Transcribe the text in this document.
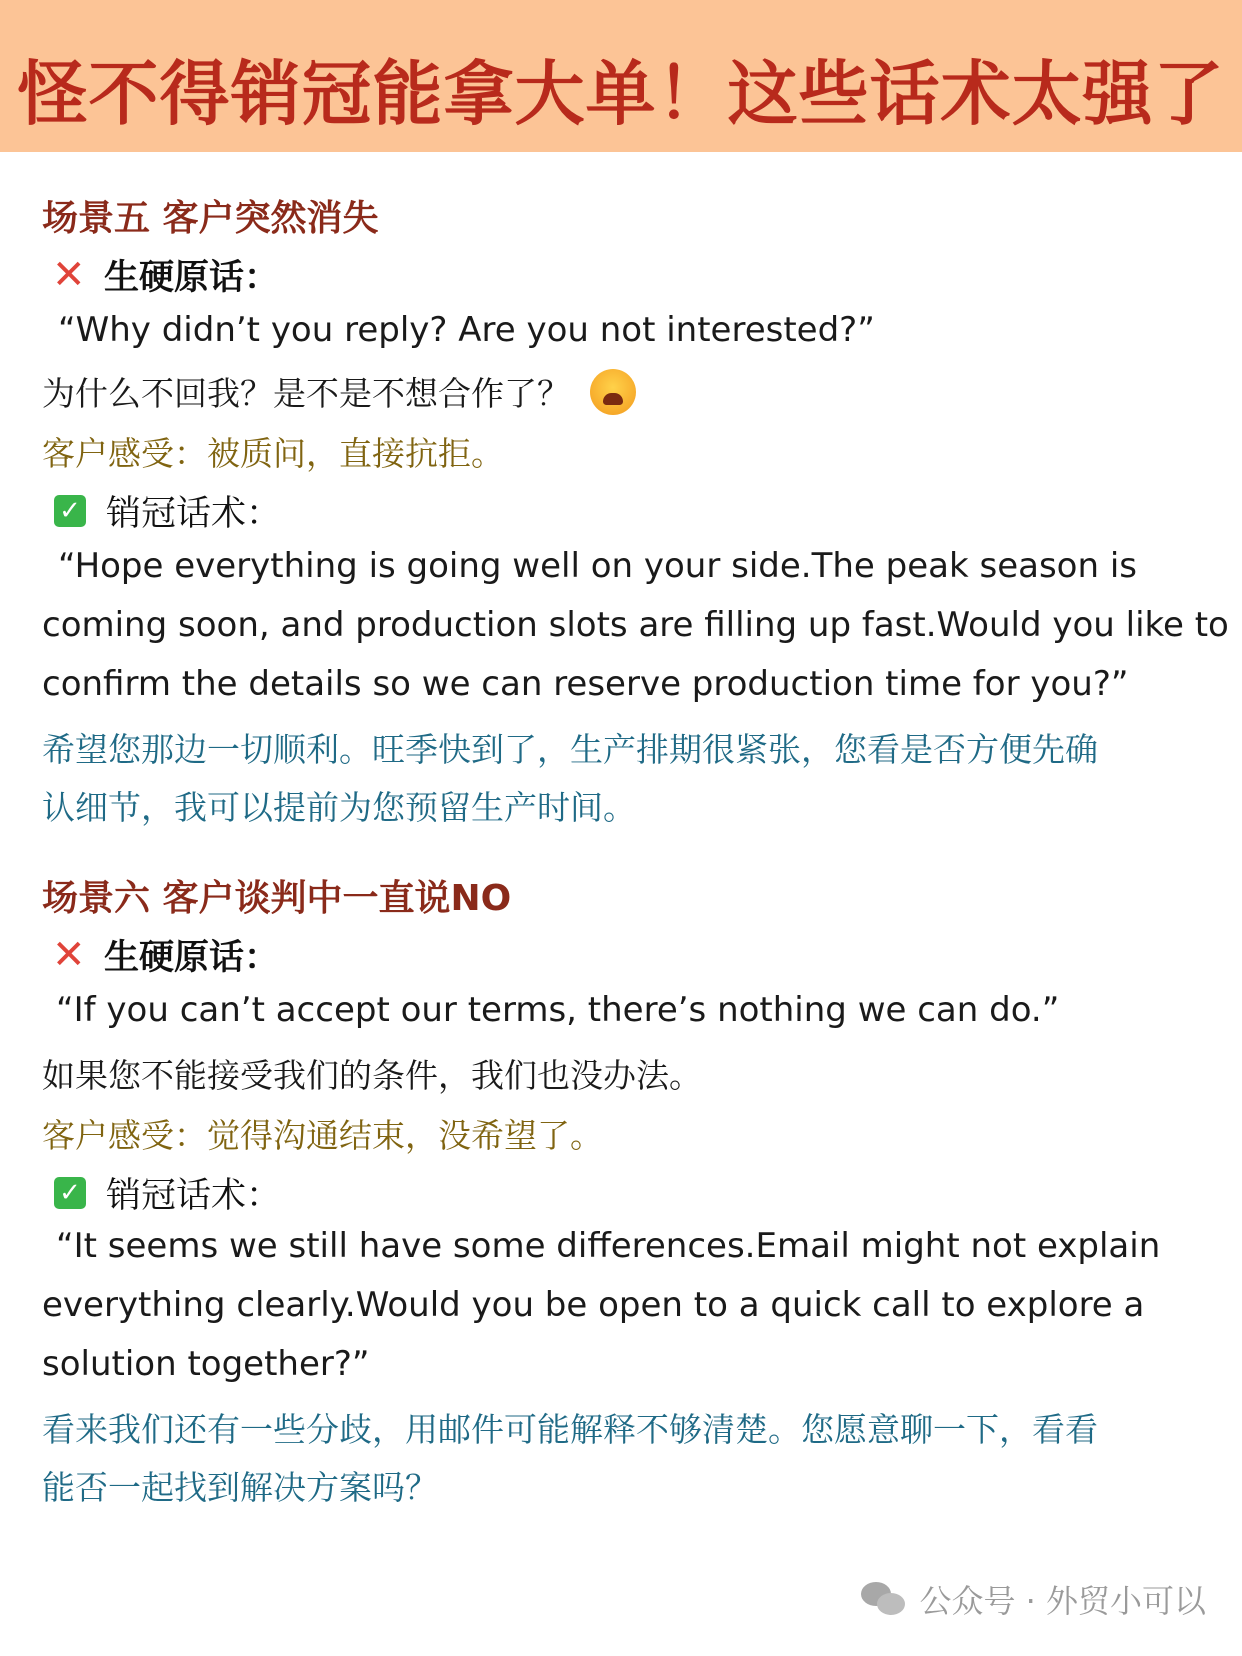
怪不得销冠能拿大单！这些话术太强了
场景五 客户突然消失
✕ 生硬原话：
“Why didn’t you reply? Are you not interested?”
为什么不回我？是不是不想合作了？
客户感受：被质问，直接抗拒。
✓ 销冠话术：
“Hope everything is going well on your side.The peak season is
coming soon, and production slots are filling up fast.Would you like to
confirm the details so we can reserve production time for you?”
希望您那边一切顺利。旺季快到了，生产排期很紧张，您看是否方便先确
认细节，我可以提前为您预留生产时间。
场景六 客户谈判中一直说NO
✕ 生硬原话：
“If you can’t accept our terms, there’s nothing we can do.”
如果您不能接受我们的条件，我们也没办法。
客户感受：觉得沟通结束，没希望了。
✓ 销冠话术：
“It seems we still have some differences.Email might not explain
everything clearly.Would you be open to a quick call to explore a
solution together?”
看来我们还有一些分歧，用邮件可能解释不够清楚。您愿意聊一下，看看
能否一起找到解决方案吗？
公众号 · 外贸小可以
